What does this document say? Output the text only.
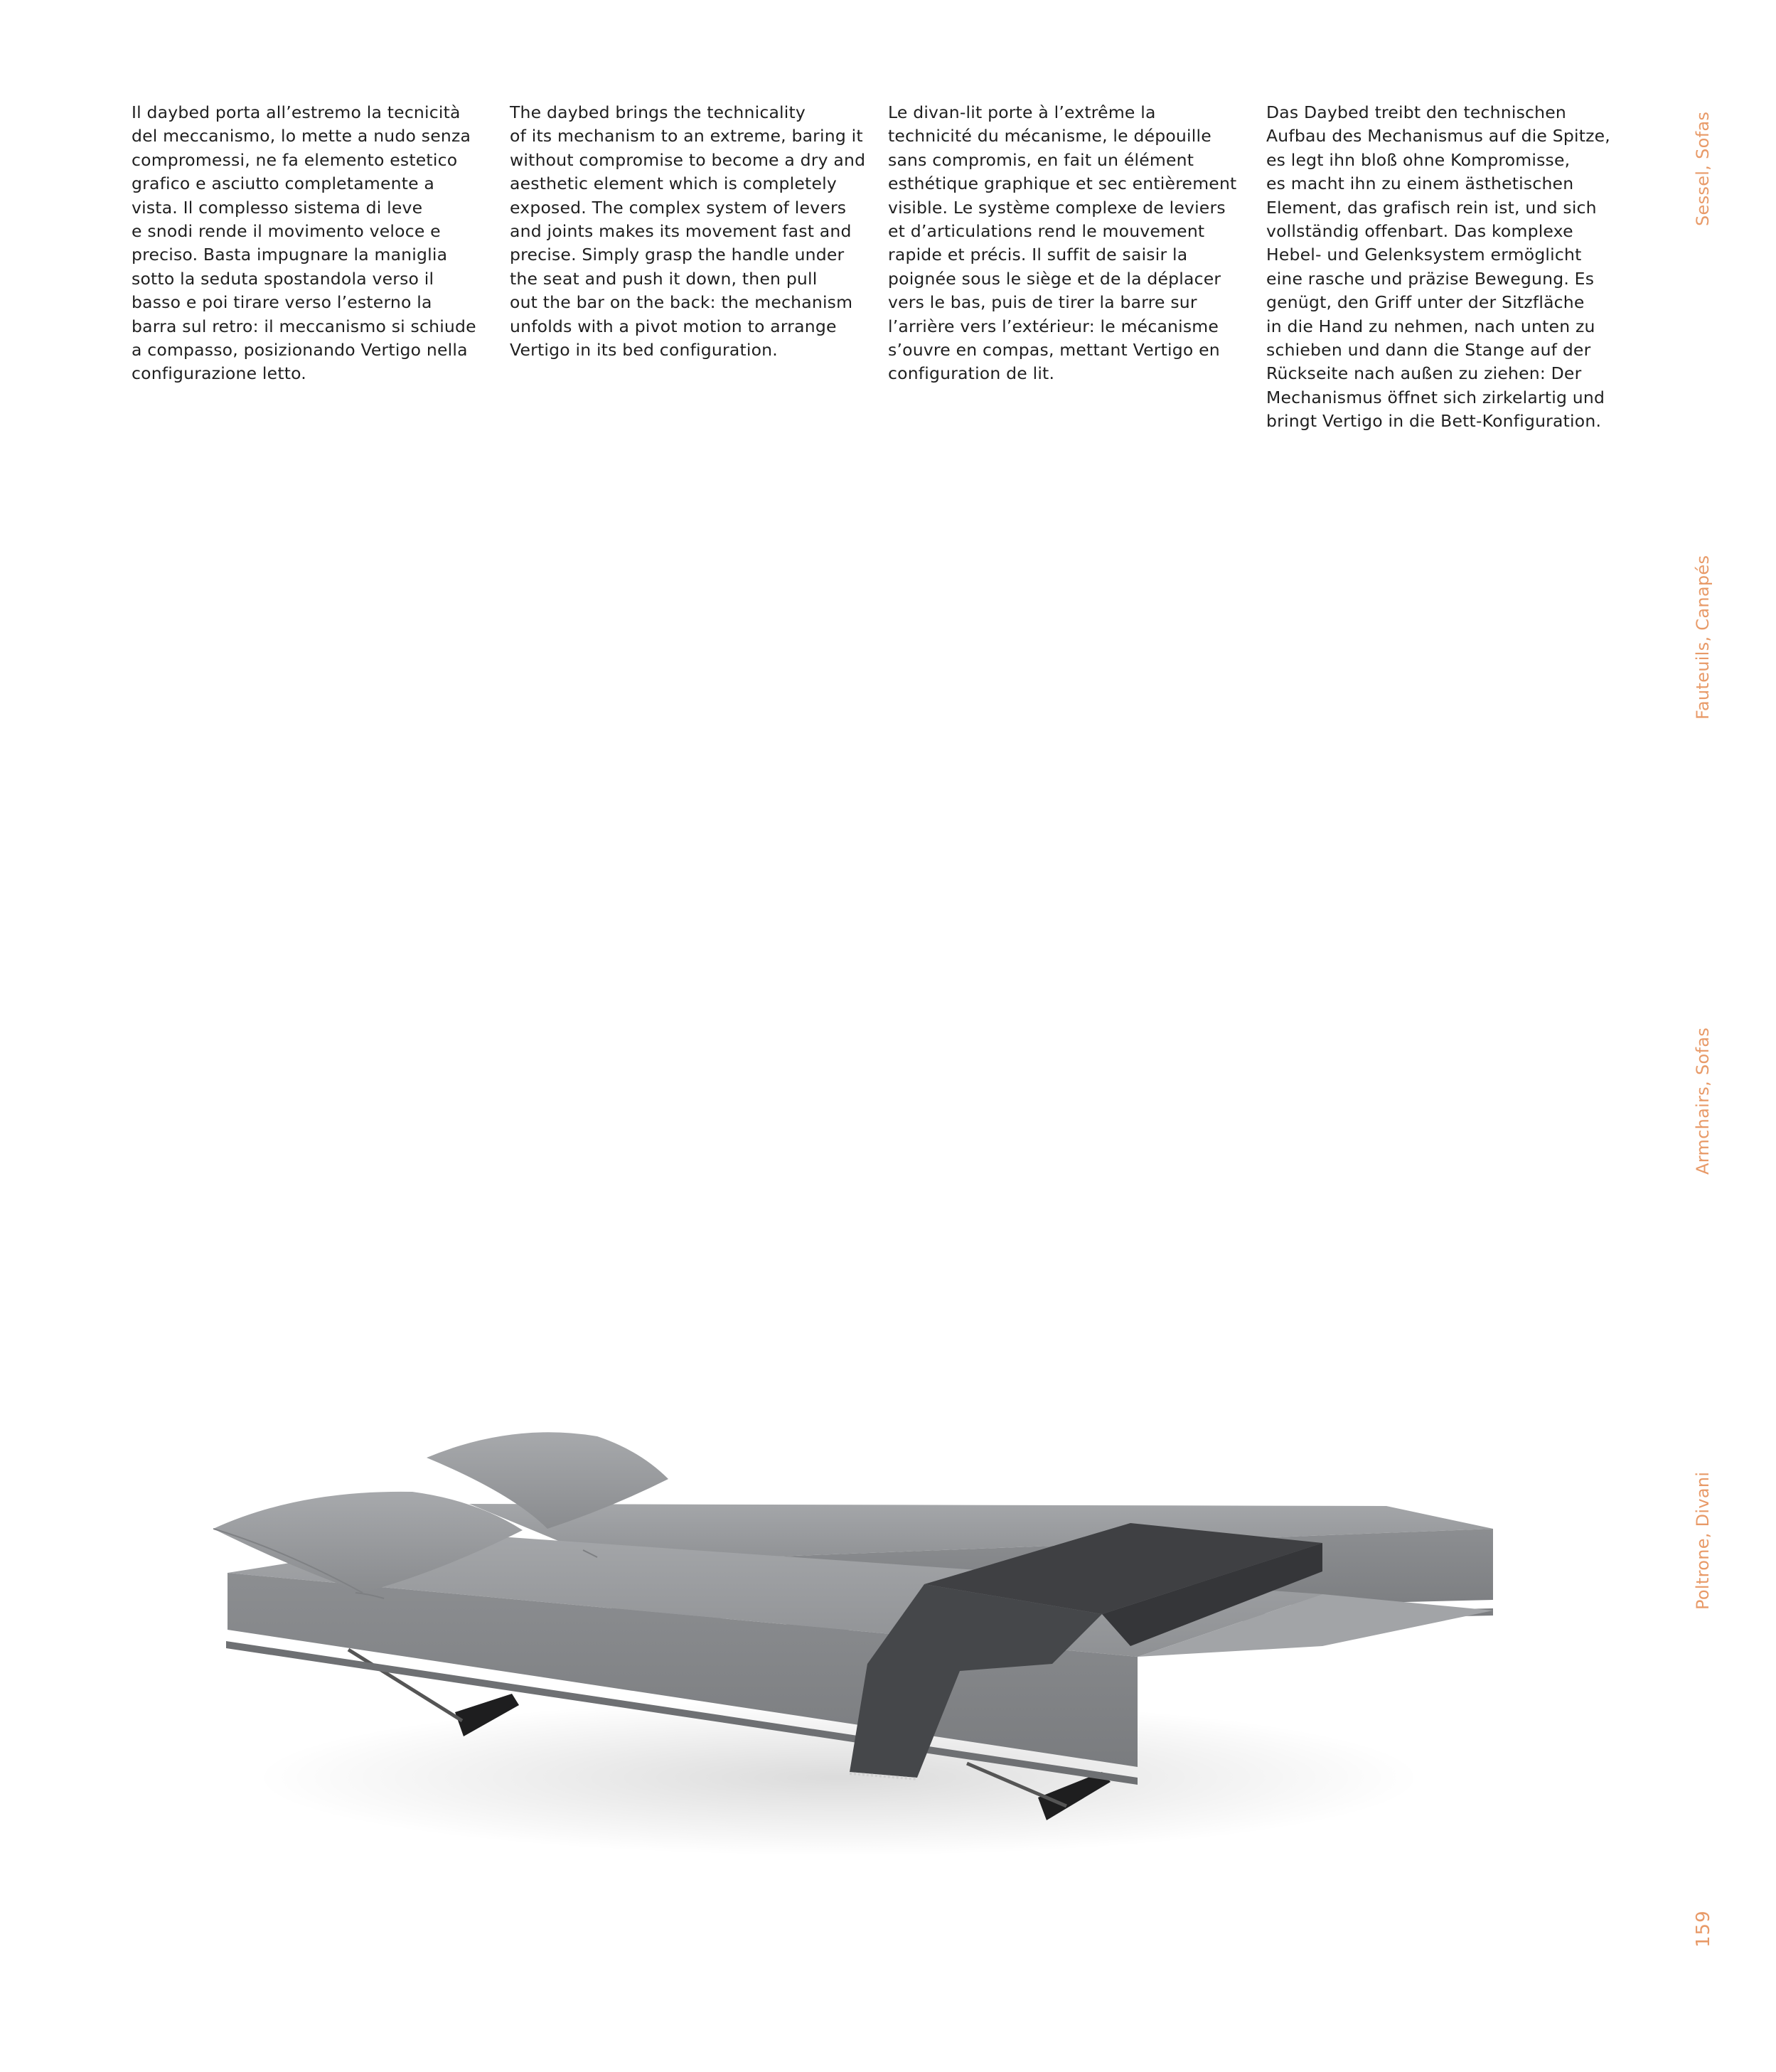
Il daybed porta all’estremo la tecnicità
del meccanismo, lo mette a nudo senza
compromessi, ne fa elemento estetico
grafico e asciutto completamente a
vista. Il complesso sistema di leve
e snodi rende il movimento veloce e
preciso. Basta impugnare la maniglia
sotto la seduta spostandola verso il
basso e poi tirare verso l’esterno la
barra sul retro: il meccanismo si schiude
a compasso, posizionando Vertigo nella
configurazione letto.

The daybed brings the technicality
of its mechanism to an extreme, baring it
without compromise to become a dry and
aesthetic element which is completely
exposed. The complex system of levers
and joints makes its movement fast and
precise. Simply grasp the handle under
the seat and push it down, then pull
out the bar on the back: the mechanism
unfolds with a pivot motion to arrange
Vertigo in its bed configuration.

Le divan-lit porte à l’extrême la
technicité du mécanisme, le dépouille
sans compromis, en fait un élément
esthétique graphique et sec entièrement
visible. Le système complexe de leviers
et d’articulations rend le mouvement
rapide et précis. Il suffit de saisir la
poignée sous le siège et de la déplacer
vers le bas, puis de tirer la barre sur
l’arrière vers l’extérieur: le mécanisme
s’ouvre en compas, mettant Vertigo en
configuration de lit.

Das Daybed treibt den technischen
Aufbau des Mechanismus auf die Spitze,
es legt ihn bloß ohne Kompromisse,
es macht ihn zu einem ästhetischen
Element, das grafisch rein ist, und sich
vollständig offenbart. Das komplexe
Hebel- und Gelenksystem ermöglicht
eine rasche und präzise Bewegung. Es
genügt, den Griff unter der Sitzfläche
in die Hand zu nehmen, nach unten zu
schieben und dann die Stange auf der
Rückseite nach außen zu ziehen: Der
Mechanismus öffnet sich zirkelartig und
bringt Vertigo in die Bett-Konfiguration.

Sessel, Sofas
Fauteuils, Canapés
Armchairs, Sofas
Poltrone, Divani
159
